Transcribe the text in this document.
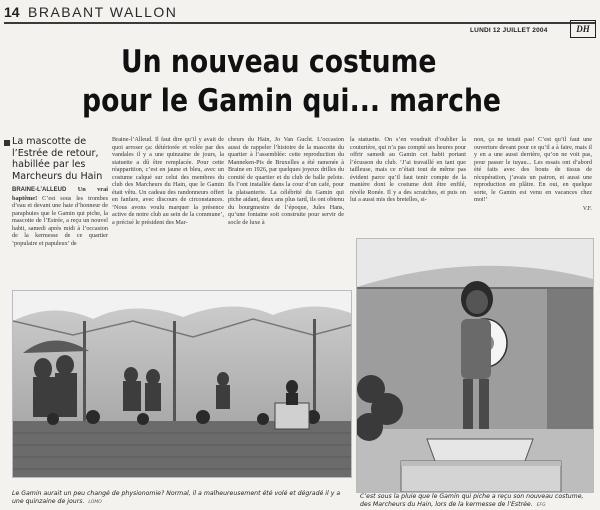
14 BRABANT WALLON
LUNDI 12 JUILLET 2004	DH
Un nouveau costume
pour le Gamin qui... marche
La mascotte de l’Estrée de retour, habillée par les Marcheurs du Hain

BRAINE-L’ALLEUD Un vrai baptême! C’est sous les trombes d’eau et devant une haie d’honneur de paraphuies que le Gamin qui piche, la mascotte de l’Estrée, a reçu un nouvel habit, samedi après midi à l’occasion de la kermesse de ce quartier ‘populaire et papuleux’ de

Braine-l’Alleud. Il faut dire qu’il y avait de quoi arroser ça: détériorée et volée par des vandales il y a une quinzaine de jours, la statuette a dû être remplacée. Pour cette réapparition, c’est en jaune et bleu, avec un costume calqué sur celui des membres du club des Marcheurs du Hain, que le Gamin était vêtu. Un cadeau des randonneurs offert en fanfare, avec discours de circonstances. ‘Nous avons voulu marquer la présence active de notre club au sein de la commune’, a précisé le président des Mar-

cheurs du Hain, Jo Van Gucht. L’occasion aussi de rappeler l’histoire de la mascotte du quartier à l’assemblée: cette reproduction du Manneken-Pis de Bruxelles a été ramenée à Braine en 1926, par quelques joyeux drilles du comité de quartier et du club de balle pelote. Ils l’ont installée dans la cour d’un café, pour la plaisanterie. La célébrité du Gamin qui piche aidant, deux ans plus tard, ils ont obtenu du bourgmestre de l’époque, Jules Hans, qu’une fontaine soit construite pour servir de socle de luxe à

la statuette. On s’en voudrait d’oublier la couturière, qui n’a pas compté ses heures pour offrir samedi au Gamin cet habit portant l’écusson du club. ‘J’ai travaillé en tant que tailleuse, mais ce n’était tout de même pas évident parce qu’il faut tenir compte de la manière dont le costume doit être enfilé, révèle Ronée. Il y a des scratches, et puis on lui a aussi mis des bretelles, si-

non, ça ne tenait pas! C’est qu’il faut une ouverture devant pour ce qu’il a à faire, mais il y en a une aussi derrière, qu’on ne voit pas, pour passer le tuyau... Les essais ont d’abord été faits avec des bouts de tissus de récupération, j’avais un patron, et aussi une reproduction en plâtre. En oui, en quelque sorte, le Gamin est venu en vacances chez moi!’

V.F.
Le Gamin aurait un peu changé de physionomie? Normal, il a malheureusement été volé et dégradé il y a une quinzaine de jours. LOMO
C’est sous la pluie que le Gamin qui piche a reçu son nouveau costume, des Marcheurs du Hain, lors de la kermesse de l’Estrée. EFG
